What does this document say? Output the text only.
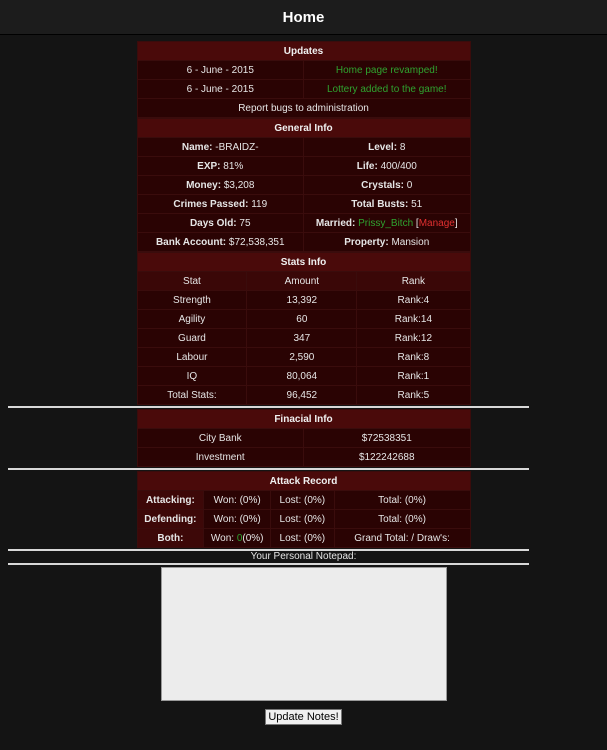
Home
Updates	
6 - June - 2015	Home page revamped!
6 - June - 2015	Lottery added to the game!
Report bugs to administration	
General Info	
Name: -BRAIDZ-	Level: 8
EXP: 81%	Life: 400/400
Money: $3,208	Crystals: 0
Crimes Passed: 119	Total Busts: 51
Days Old: 75	Married: Prissy_Bitch [Manage]
Bank Account: $72,538,351	Property: Mansion
Stats Info		
Stat	Amount	Rank
Strength	13,392	Rank:4
Agility	60	Rank:14
Guard	347	Rank:12
Labour	2,590	Rank:8
IQ	80,064	Rank:1
Total Stats:	96,452	Rank:5
Finacial Info	
City Bank	$72538351
Investment	$122242688
Attack Record			
Attacking:	Won: (0%)	Lost: (0%)	Total: (0%)
Defending:	Won: (0%)	Lost: (0%)	Total: (0%)
Both:	Won: 0(0%)	Lost: (0%)	Grand Total: / Draw's:
Your Personal Notepad:
Update Notes!
